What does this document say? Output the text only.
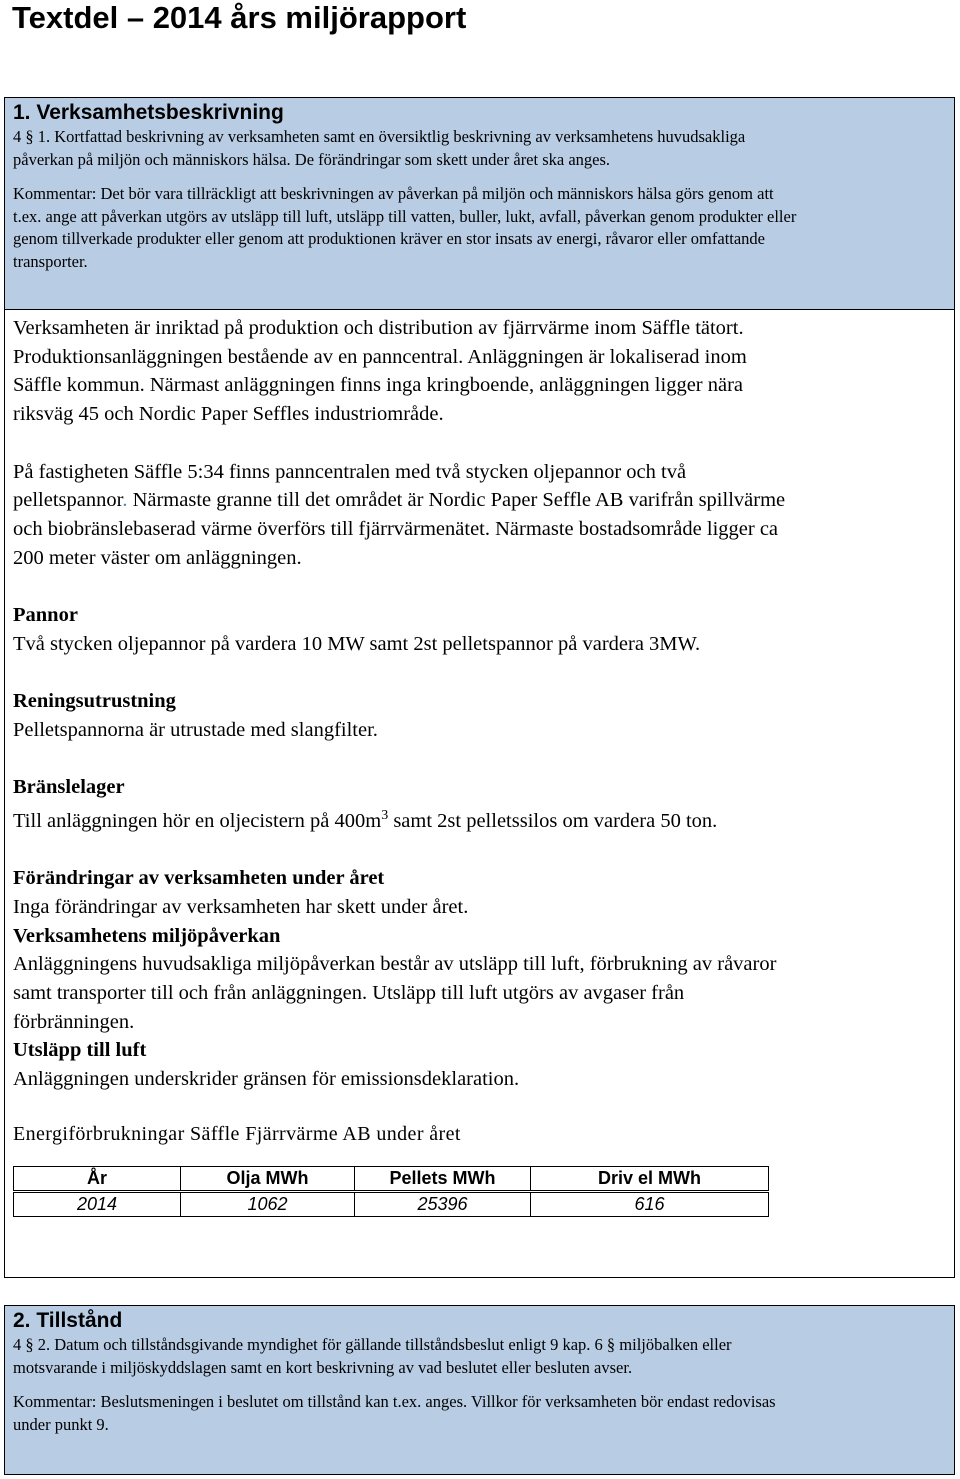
Textdel – 2014 års miljörapport

1. Verksamhetsbeskrivning

4 § 1. Kortfattad beskrivning av verksamheten samt en översiktlig beskrivning av verksamhetens huvudsakliga

påverkan på miljön och människors hälsa. De förändringar som skett under året ska anges.

Kommentar: Det bör vara tillräckligt att beskrivningen av påverkan på miljön och människors hälsa görs genom att

t.ex. ange att påverkan utgörs av utsläpp till luft, utsläpp till vatten, buller, lukt, avfall, påverkan genom produkter eller

genom tillverkade produkter eller genom att produktionen kräver en stor insats av energi, råvaror eller omfattande

transporter.

Verksamheten är inriktad på produktion och distribution av fjärrvärme inom Säffle tätort.

Produktionsanläggningen bestående av en panncentral. Anläggningen är lokaliserad inom

Säffle kommun. Närmast anläggningen finns inga kringboende, anläggningen ligger nära

riksväg 45 och Nordic Paper Seffles industriområde.

På fastigheten Säffle 5:34 finns panncentralen med två stycken oljepannor och två

pelletspannor. Närmaste granne till det området är Nordic Paper Seffle AB varifrån spillvärme

och biobränslebaserad värme överförs till fjärrvärmenätet. Närmaste bostadsområde ligger ca

200 meter väster om anläggningen.

Pannor

Två stycken oljepannor på vardera 10 MW samt 2st pelletspannor på vardera 3MW.

Reningsutrustning

Pelletspannorna är utrustade med slangfilter.

Bränslelager

Till anläggningen hör en oljecistern på $400m^3$ samt 2st pelletssilos om vardera 50 ton.

Förändringar av verksamheten under året

Inga förändringar av verksamheten har skett under året.

Verksamhetens miljöpåverkan

Anläggningens huvudsakliga miljöpåverkan består av utsläpp till luft, förbrukning av råvaror

samt transporter till och från anläggningen. Utsläpp till luft utgörs av avgaser från

förbränningen.

Utsläpp till luft

Anläggningen underskrider gränsen för emissionsdeklaration.

Energiförbrukningar Säffle Fjärrvärme AB under året

År	Olja MWh	Pellets MWh	Driv el MWh
2014	1062	25396	616

2. Tillstånd

4 § 2. Datum och tillståndsgivande myndighet för gällande tillståndsbeslut enligt 9 kap. 6 § miljöbalken eller

motsvarande i miljöskyddslagen samt en kort beskrivning av vad beslutet eller besluten avser.

Kommentar: Beslutsmeningen i beslutet om tillstånd kan t.ex. anges. Villkor för verksamheten bör endast redovisas

under punkt 9.
